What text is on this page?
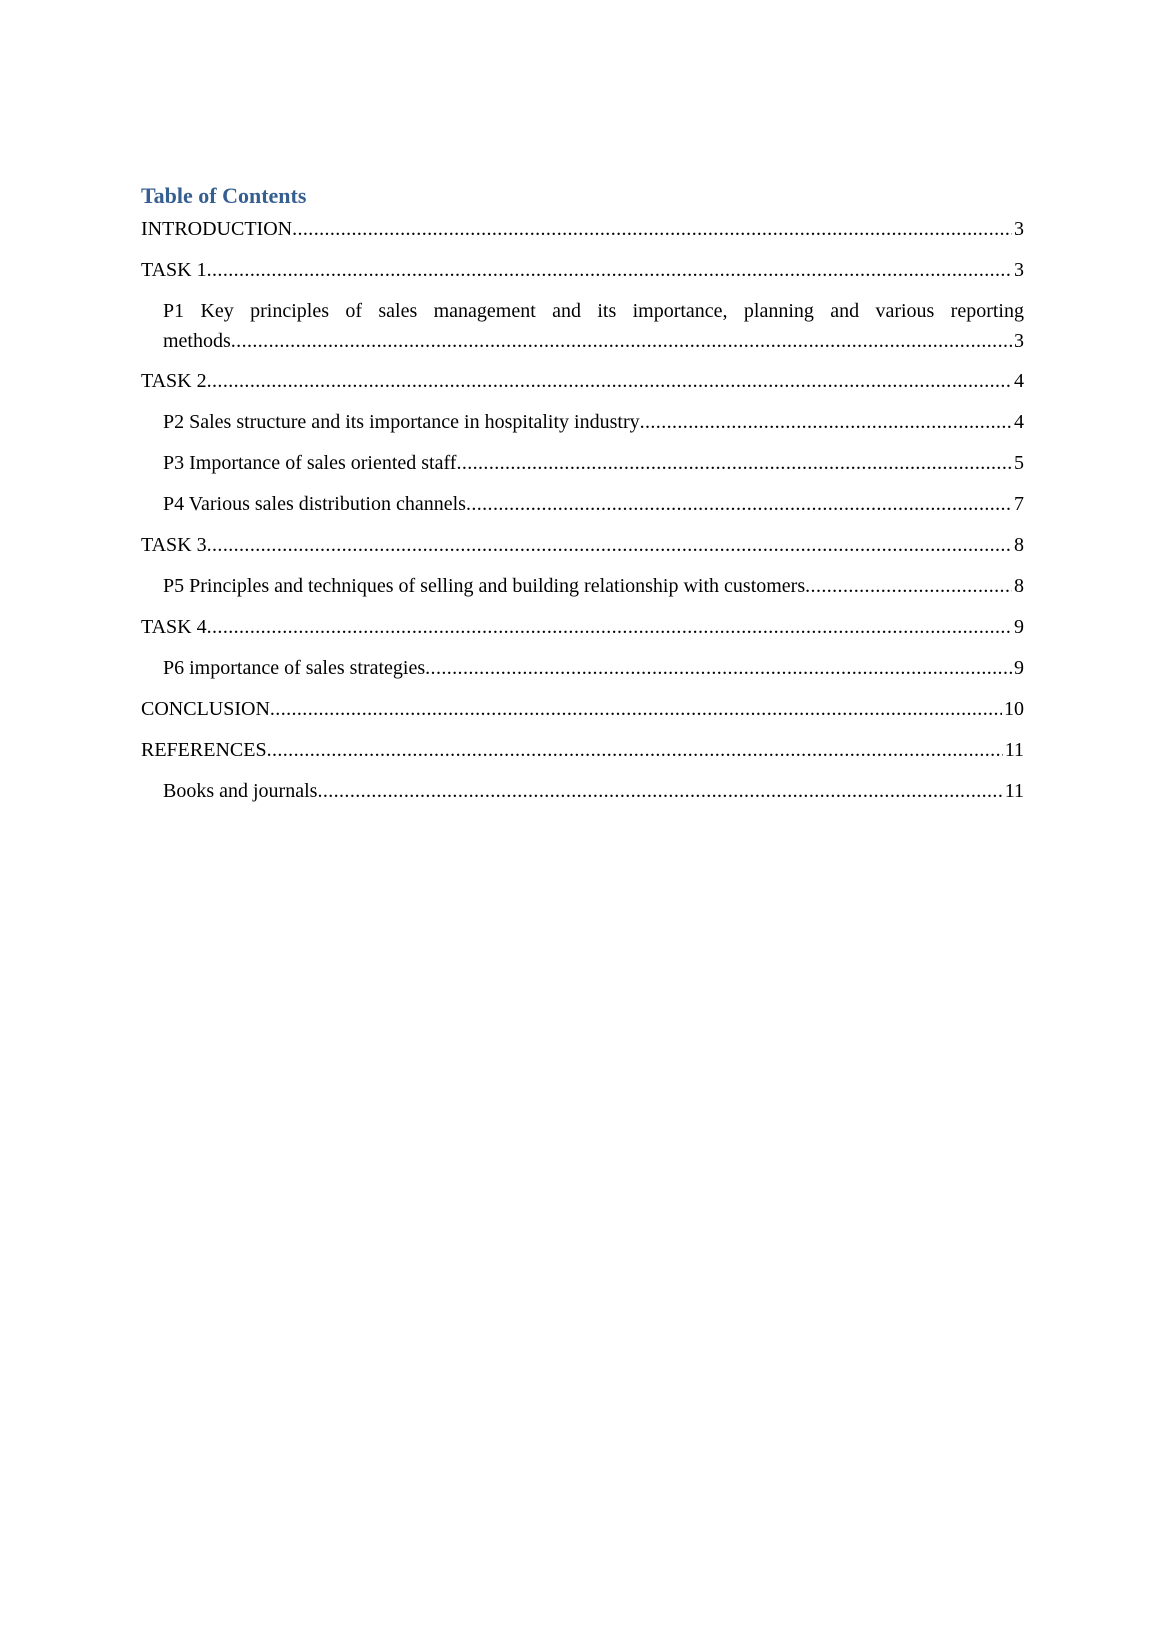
Table of Contents
INTRODUCTION .....	3
TASK 1 .....	3
P1 Key principles of sales management and its importance, planning and various reporting
methods .....	3
TASK 2 .....	4
P2 Sales structure and its importance in hospitality industry .....	4
P3 Importance of sales oriented staff .....	5
P4 Various sales distribution channels .....	7
TASK 3 .....	8
P5 Principles and techniques of selling and building relationship with customers .....	8
TASK 4 .....	9
P6 importance of sales strategies .....	9
CONCLUSION .....	10
REFERENCES .....	11
Books and journals .....	11
